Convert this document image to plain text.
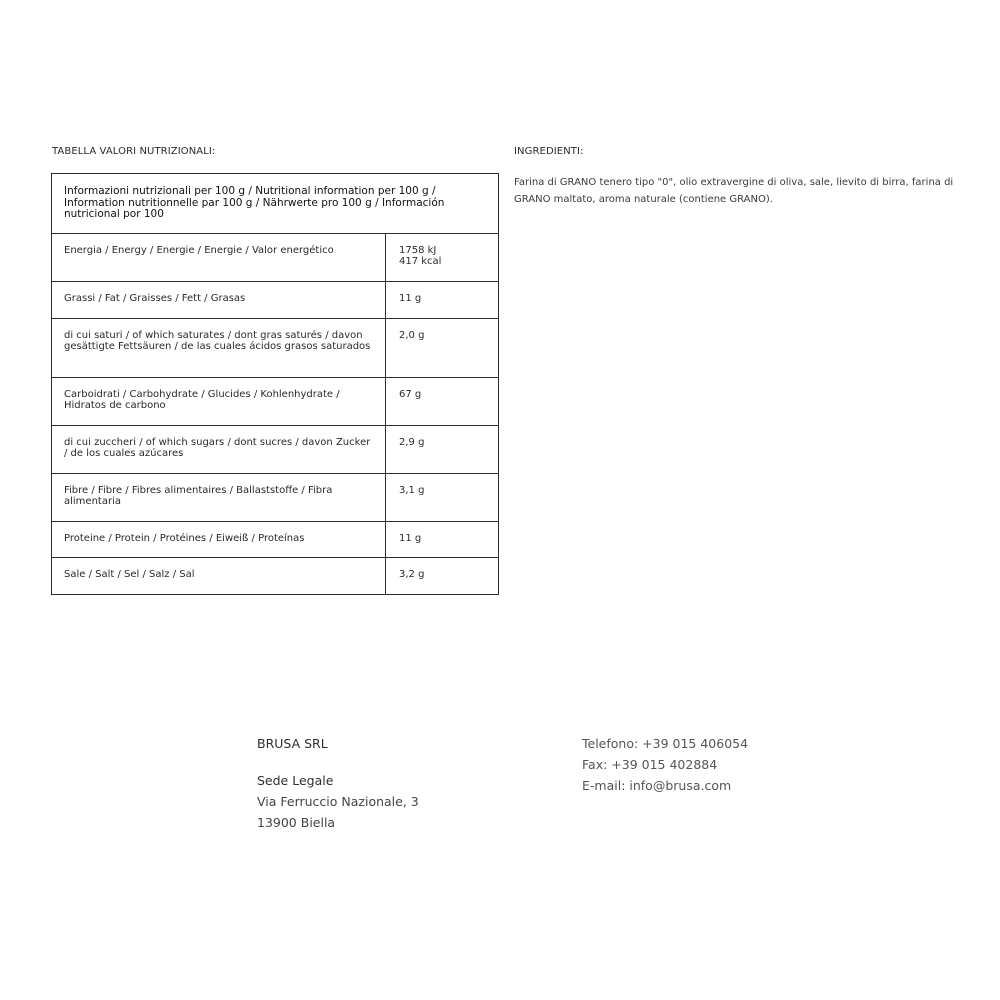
TABELLA VALORI NUTRIZIONALI:
Informazioni nutrizionali per 100 g / Nutritional information per 100 g / Information nutritionnelle par 100 g / Nährwerte pro 100 g / Información nutricional por 100	
Energia / Energy / Energie / Energie / Valor energético	1758 kJ
417 kcal

Grassi / Fat / Graisses / Fett / Grasas	11 g
di cui saturi / of which saturates / dont gras saturés / davon gesättigte Fettsäuren / de las cuales ácidos grasos saturados	2,0 g
Carboidrati / Carbohydrate / Glucides / Kohlenhydrate / Hidratos de carbono	67 g
di cui zuccheri / of which sugars / dont sucres / davon Zucker / de los cuales azúcares	2,9 g
Fibre / Fibre / Fibres alimentaires / Ballaststoffe / Fibra alimentaria	3,1 g
Proteine / Protein / Protéines / Eiweiß / Proteínas	11 g
Sale / Salt / Sel / Salz / Sal	3,2 g
INGREDIENTI:

Farina di GRANO tenero tipo "0", olio extravergine di oliva, sale, lievito di birra, farina di GRANO maltato, aroma naturale (contiene GRANO).

BRUSA SRL
Sede Legale
Via Ferruccio Nazionale, 3
13900 Biella
Telefono: +39 015 406054
Fax: +39 015 402884
E-mail: info@brusa.com
